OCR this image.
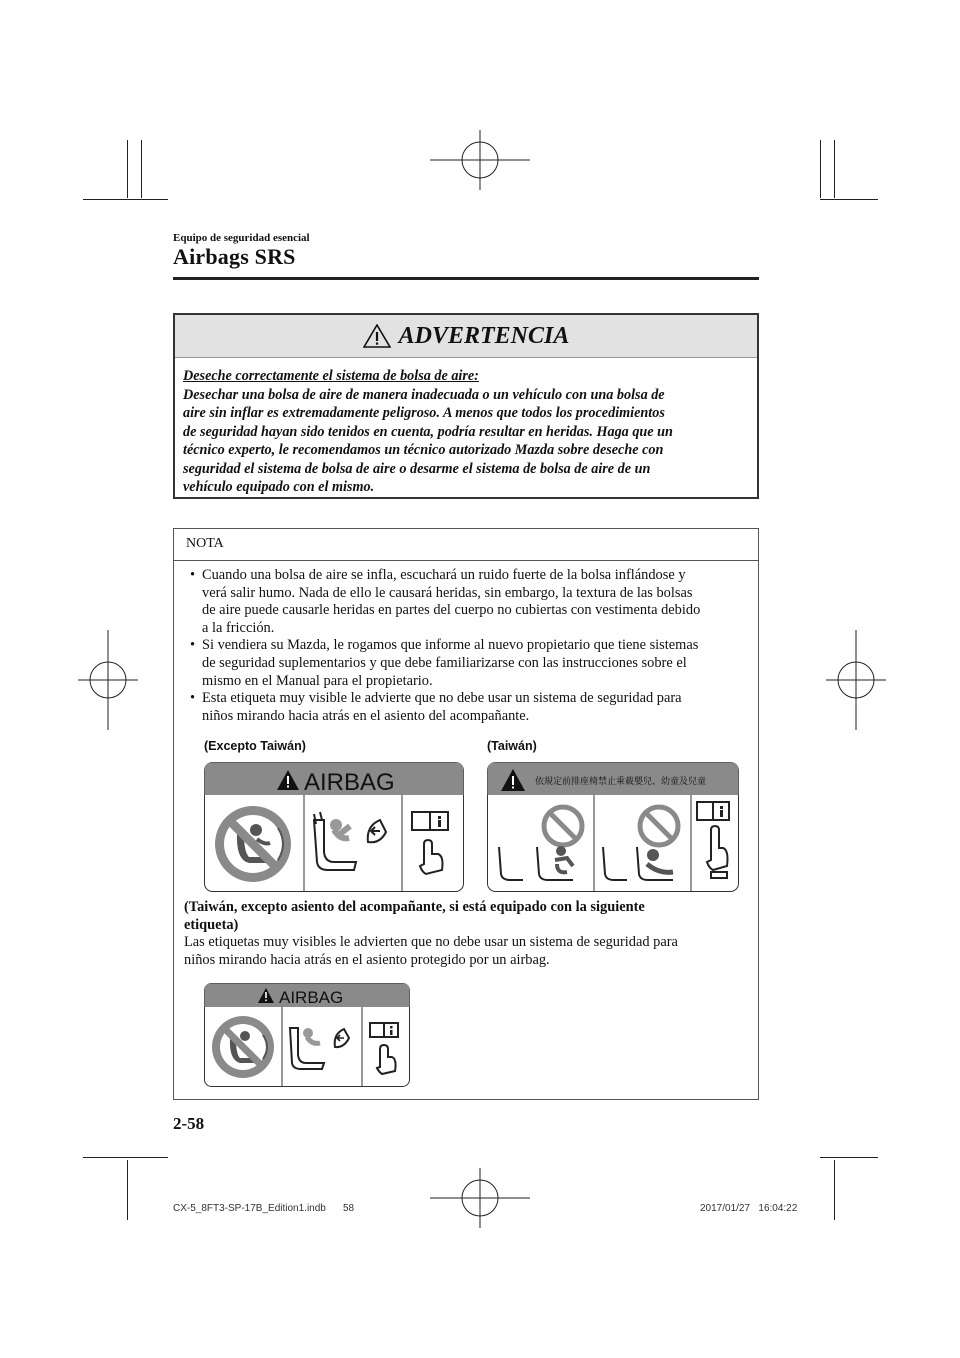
Equipo de seguridad esencial
Airbags SRS
ADVERTENCIA
Deseche correctamente el sistema de bolsa de aire:
Desechar una bolsa de aire de manera inadecuada o un vehículo con una bolsa de
aire sin inflar es extremadamente peligroso. A menos que todos los procedimientos
de seguridad hayan sido tenidos en cuenta, podría resultar en heridas. Haga que un
técnico experto, le recomendamos un técnico autorizado Mazda sobre deseche con
seguridad el sistema de bolsa de aire o desarme el sistema de bolsa de aire de un
vehículo equipado con el mismo.
NOTA
• Cuando una bolsa de aire se infla, escuchará un ruido fuerte de la bolsa inflándose y
verá salir humo. Nada de ello le causará heridas, sin embargo, la textura de las bolsas
de aire puede causarle heridas en partes del cuerpo no cubiertas con vestimenta debido
a la fricción.
• Si vendiera su Mazda, le rogamos que informe al nuevo propietario que tiene sistemas
de seguridad suplementarios y que debe familiarizarse con las instrucciones sobre el
mismo en el Manual para el propietario.
• Esta etiqueta muy visible le advierte que no debe usar un sistema de seguridad para
niños mirando hacia atrás en el asiento del acompañante.
(Excepto Taiwán)	(Taiwán)
AIRBAG	依規定前排座椅禁止乘載嬰兒、幼童及兒童
(Taiwán, excepto asiento del acompañante, si está equipado con la siguiente
etiqueta)
Las etiquetas muy visibles le advierten que no debe usar un sistema de seguridad para
niños mirando hacia atrás en el asiento protegido por un airbag.
AIRBAG
2-58
CX-5_8FT3-SP-17B_Edition1.indb 58	2017/01/27   16:04:22
